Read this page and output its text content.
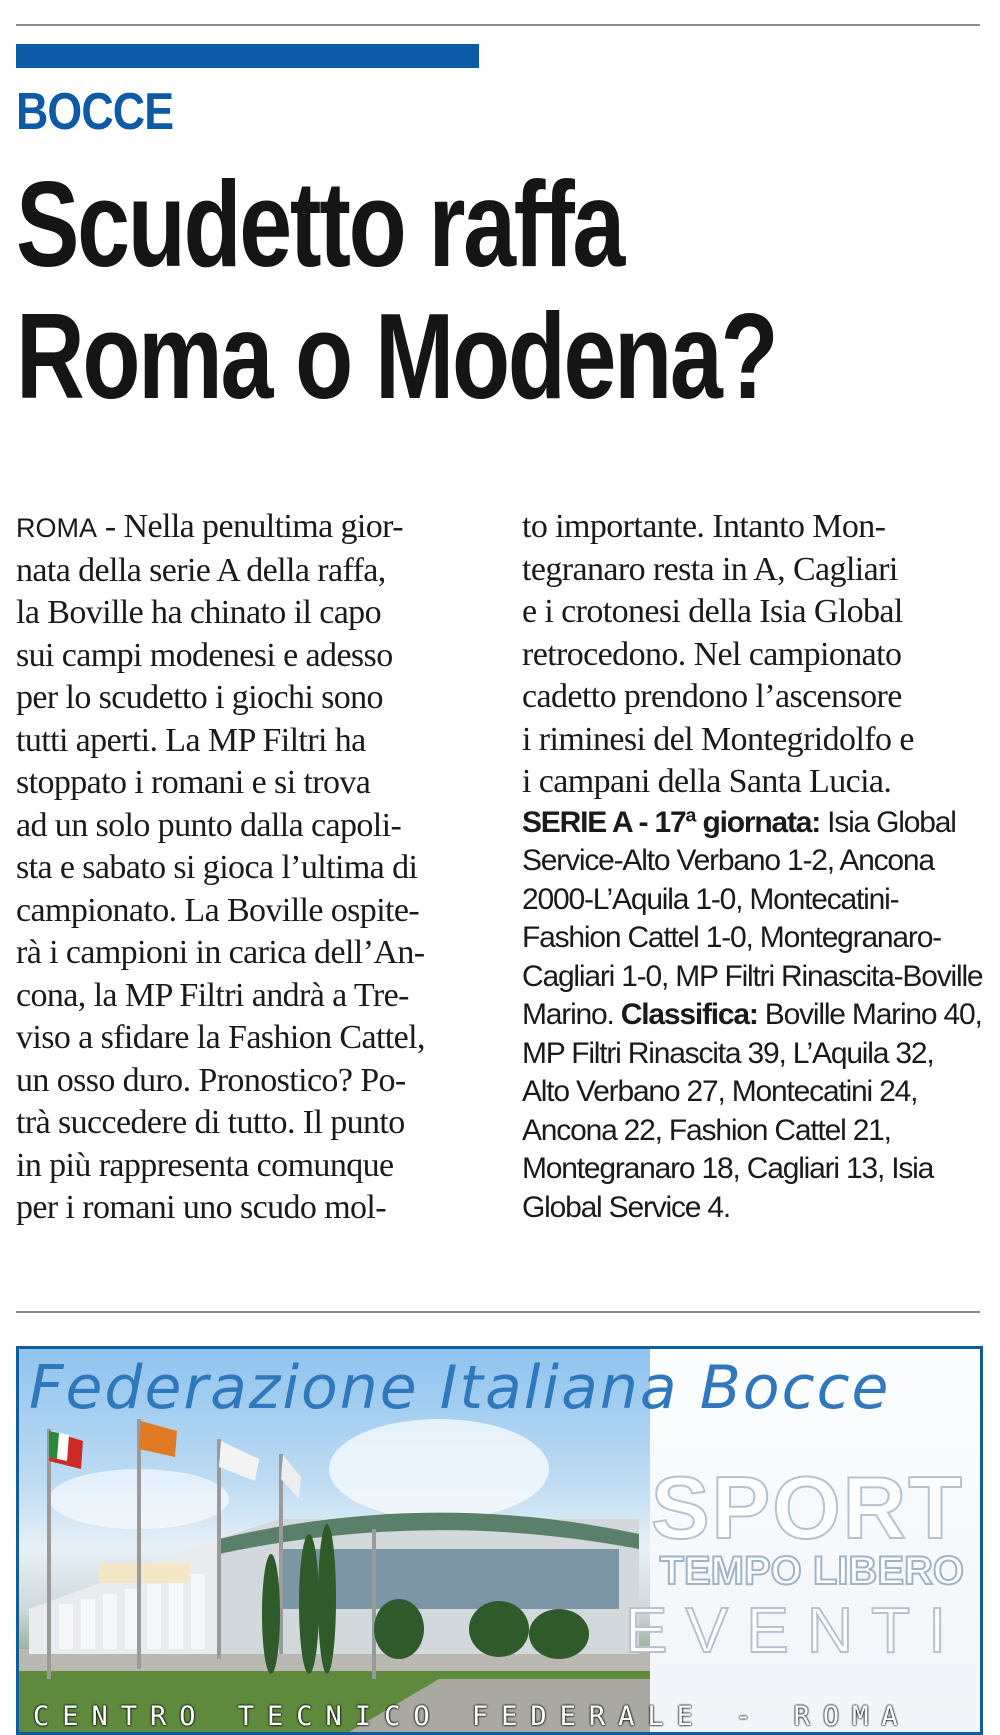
BOCCE
Scudetto raffa
Roma o Modena?
ROMA - Nella penultima gior-
nata della serie A della raffa,
la Boville ha chinato il capo
sui campi modenesi e adesso
per lo scudetto i giochi sono
tutti aperti. La MP Filtri ha
stoppato i romani e si trova
ad un solo punto dalla capoli-
sta e sabato si gioca l’ultima di
campionato. La Boville ospite-
rà i campioni in carica dell’An-
cona, la MP Filtri andrà a Tre-
viso a sfidare la Fashion Cattel,
un osso duro. Pronostico? Po-
trà succedere di tutto. Il punto
in più rappresenta comunque
per i romani uno scudo mol-
to importante. Intanto Mon-
tegranaro resta in A, Cagliari
e i crotonesi della Isia Global
retrocedono. Nel campionato
cadetto prendono l’ascensore
i riminesi del Montegridolfo e
i campani della Santa Lucia.

SERIE A - 17ª giornata: Isia Global Service-Alto Verbano 1-2, Ancona 2000-L’Aquila 1-0, Montecatini-Fashion Cattel 1-0, Montegranaro- Cagliari 1-0, MP Filtri Rinascita-Boville Marino. Classifica: Boville Marino 40, MP Filtri Rinascita 39, L’Aquila 32, Alto Verbano 27, Montecatini 24, Ancona 22, Fashion Cattel 21, Montegranaro 18, Cagliari 13, Isia Global Service 4.

Federazione Italiana Bocce
SPORT
TEMPO LIBERO
EVENTI
CENTRO TECNICO FEDERALE - ROMA
